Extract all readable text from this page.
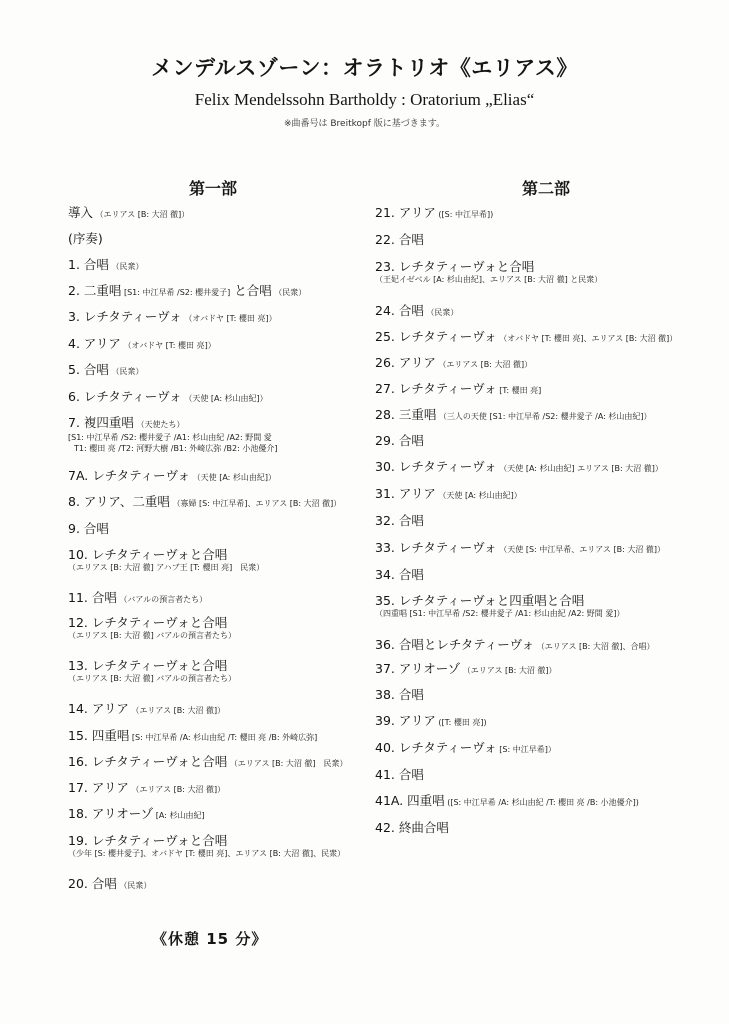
メンデルスゾーン：オラトリオ《エリアス》
Felix Mendelssohn Bartholdy : Oratorium „Elias“
※曲番号は Breitkopf 版に基づきます。
第一部	第二部
導入 （エリアス [B: 大沼 徹]）
(序奏)
1. 合唱 （民衆）
2. 二重唱 [S1: 中江早希 /S2: 櫻井愛子] と合唱 （民衆）
3. レチタティーヴォ （オバドヤ [T: 櫻田 亮]）
4. アリア （オバドヤ [T: 櫻田 亮]）
5. 合唱 （民衆）
6. レチタティーヴォ （天使 [A: 杉山由紀]）
7. 複四重唱 （天使たち）
[S1: 中江早希 /S2: 櫻井愛子 /A1: 杉山由紀 /A2: 野間 愛
T1: 櫻田 亮 /T2: 河野大樹 /B1: 外崎広弥 /B2: 小池優介]
7A. レチタティーヴォ （天使 [A: 杉山由紀]）
8. アリア、二重唱 （寡婦 [S: 中江早希]、エリアス [B: 大沼 徹]）
9. 合唱
10. レチタティーヴォと合唱
（エリアス [B: 大沼 徹] アハブ王 [T: 櫻田 亮]　民衆）
11. 合唱 （バアルの預言者たち）
12. レチタティーヴォと合唱
（エリアス [B: 大沼 徹] バアルの預言者たち）
13. レチタティーヴォと合唱
（エリアス [B: 大沼 徹] バアルの預言者たち）
14. アリア （エリアス [B: 大沼 徹]）
15. 四重唱 [S: 中江早希 /A: 杉山由紀 /T: 櫻田 亮 /B: 外崎広弥]
16. レチタティーヴォと合唱 （エリアス [B: 大沼 徹]　民衆）
17. アリア （エリアス [B: 大沼 徹]）
18. アリオーゾ [A: 杉山由紀]
19. レチタティーヴォと合唱
（少年 [S: 櫻井愛子]、オバドヤ [T: 櫻田 亮]、エリアス [B: 大沼 徹]、民衆）
20. 合唱 （民衆）
21. アリア ([S: 中江早希])
22. 合唱
23. レチタティーヴォと合唱
（王妃イゼベル [A: 杉山由紀]、エリアス [B: 大沼 徹] と民衆）
24. 合唱 （民衆）
25. レチタティーヴォ （オバドヤ [T: 櫻田 亮]、エリアス [B: 大沼 徹]）
26. アリア （エリアス [B: 大沼 徹]）
27. レチタティーヴォ [T: 櫻田 亮]
28. 三重唱 （三人の天使 [S1: 中江早希 /S2: 櫻井愛子 /A: 杉山由紀]）
29. 合唱
30. レチタティーヴォ （天使 [A: 杉山由紀] エリアス [B: 大沼 徹]）
31. アリア （天使 [A: 杉山由紀]）
32. 合唱
33. レチタティーヴォ （天使 [S: 中江早希、エリアス [B: 大沼 徹]）
34. 合唱
35. レチタティーヴォと四重唱と合唱
（四重唱 [S1: 中江早希 /S2: 櫻井愛子 /A1: 杉山由紀 /A2: 野間 愛]）
36. 合唱とレチタティーヴォ （エリアス [B: 大沼 徹]、合唱）
37. アリオーゾ （エリアス [B: 大沼 徹]）
38. 合唱
39. アリア ([T: 櫻田 亮])
40. レチタティーヴォ [S: 中江早希]）
41. 合唱
41A. 四重唱 ([S: 中江早希 /A: 杉山由紀 /T: 櫻田 亮 /B: 小池優介])
42. 終曲合唱
《休憩 15 分》
